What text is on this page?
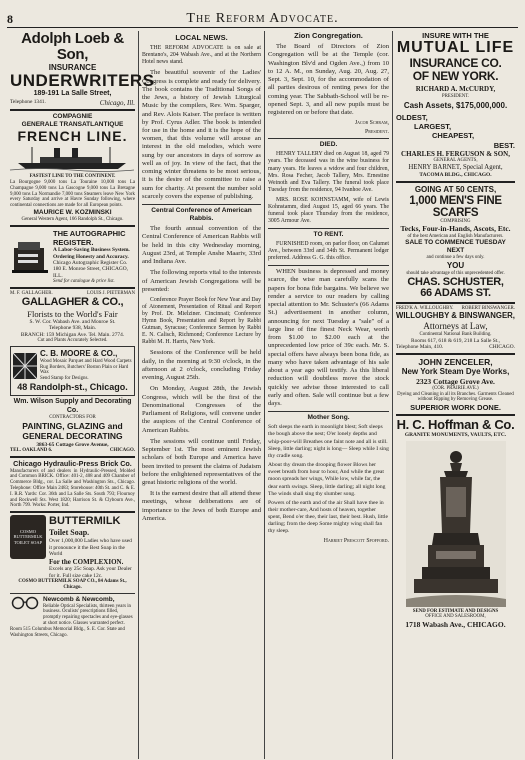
8	The Reform Advocate.
Adolph Loeb & Son,
INSURANCE
UNDERWRITERS
189-191 La Salle Street,
Telephone 1341.	Chicago, Ill.
COMPAGNIE
GENERALE TRANSATLANTIQUE
FRENCH LINE.
FASTEST LINE TO THE CONTINENT.
La Bourgogne 9,000 tons La Touraine 10,000 tons La Champagne 9,000 tons La Gascogne 9,000 tons La Bretagne 9,000 tons La Normandie 7,000 tons Steamers leave New York every Saturday and arrive at Havre Sunday following, where continental connections are made for all European points.
MAURICE W. KOZMINSKI
General Western Agent, 166 Randolph St., Chicago.
THE AUTOGRAPHIC REGISTER.
A Labor-Saving Business System. Ordering Honesty and Accuracy.
Chicago Autographic Register Co. 180 E. Monroe Street, CHICAGO, ILL.
Send for catalogue & price list.
M. F. GALLAGHER.	LOUIS J. PIETERMAN
GALLAGHER & CO.,
Florists to the World's Fair
S. W. Cor. Wabash Ave. and Monroe St.
Telephone 938, Main.
BRANCH: 159 Michigan Ave. Tel. Main. 2774.
Cut and Plants Accurately Selected.
C. B. MOORE & CO.,
Wood Mosaic Parquet and Hard Wood Carpets
Rug Borders, Butchers' Boston Plain or Hard Wax
Send Stamp for Designs.
48 Randolph-st., Chicago.
Wm. Wilson Supply and Decorating Co.
CONTRACTORS FOR
PAINTING, GLAZING and
GENERAL DECORATING
3863-65 Cottage Grove Avenue,
TEL. OAKLAND 6.	CHICAGO.
Chicago Hydraulic-Press Brick Co.
Manufacturers of and dealers in Hydraulic-Pressed, Molded and Common BRICK. Office: 401-2, 408 and 409 Chamber of Commerce Bldg., cor. La Salle and Washington Sts., Chicago. Telephone: Office Main 2483; Storehouse: 40th St. and C. & E. I. R.R. Yards: Cor. 36th and La Salle Sts. South 793; Flournoy and Rockwell Sts. West 1820; Harrison St. & Clybourn Ave., North 799. Works: Porter, Ind.
COSMO BUTTERMILK TOILET SOAP
BUTTERMILK
Toilet Soap.
Over 1,000,000 Ladies who have used it pronounce it the Best Soap in the World
For the COMPLEXION.
Excels any 25c Soap. Ask your Dealer for it. Full size cake 12c.
COSMO BUTTERMILK SOAP CO., 84 Adams St., Chicago.
Newcomb & Newcomb,
Reliable Optical Specialists, thirteen years in business. Oculists' prescriptions filled, promptly repairing spectacles and eye-glasses at short notice. Glasses warranted perfect.
Room 515 Columbus Memorial Bldg., S. E. Cor. State and Washington Streets, Chicago.
LOCAL NEWS.

THE REFORM ADVOCATE is on sale at Brentano's, 204 Wabash Ave., and at the Northern Hotel news stand.

The beautiful souvenir of the Ladies' Congress is complete and ready for delivery. The book contains the Traditional Songs of the Jews, a history of Jewish Liturgical Music by the compilers, Rev. Wm. Sparger, and Rev. Alois Kaiser. The preface is written by Prof. Cyrus Adler. The book is intended for use in the home and it is the hope of the women, that this volume will arouse an interest in the old melodies, which were sung by our ancestors in days of sorrow as well as of joy. In view of the fact, that the coming winter threatens to be most serious, it is the desire of the committee to raise a sum for charity. At present the number sold scarcely covers the expense of publishing.

Central Conference of American Rabbis.

The fourth annual convention of the Central Conference of American Rabbis will be held in this city Wednesday morning, August 23rd, at Temple Anshe Maariv, 33rd and Indiana Ave.

The following reports vital to the interests of American Jewish Congregations will be presented:

Conference Prayer Book for New Year and Day of Atonement, Presentation of Ritual and Report by Prof. Dr. Mielziner. Cincinnati; Conference Hymn Book, Presentation and Report by Rabbi Gutman, Syracuse; Conference Sermon by Rabbi E. N. Calisch, Richmond; Conference Lecture by Rabbi M. H. Harris, New York.

Sessions of the Conference will be held daily, in the morning at 9:30 o'clock, in the afternoon at 2 o'clock, concluding Friday evening, August 25th.

On Monday, August 28th, the Jewish Congress, which will be the first of the Denominational Congresses of the Parliament of Religions, will convene under the auspices of the Central Conference of American Rabbis.

The sessions will continue until Friday, September 1st. The most eminent Jewish scholars of both Europe and America have been invited to present the claims of Judaism before the enlightened representatives of the great historic religions of the world.

It is the earnest desire that all attend these meetings, whose deliberations are of importance to the Jews of both Europe and America.

Zion Congregation.

The Board of Directors of Zion Congregation will be at the Temple (cor. Washington Blv'd and Ogden Ave.,) from 10 to 12 A. M., on Sunday, Aug. 20, Aug. 27, Sept. 3, Sept. 10, for the accommodation of all parties desirous of renting pews for the coming year. The Sabbath-School will be re-opened Sept. 3, and all new pupils must be registered on or before that date.

Jacob Schram,
President.
DIED.

HENRY TALLERY died on August 18, aged 79 years. The deceased was in the wine business for many years. He leaves a widow and four children, Mrs. Rosa Fecher, Jacob Tallery, Mrs. Ernestine Weinoth and Eva Tallery. The funeral took place Tuesday from the residence, 94 Ivanhoe Ave.

MRS. ROSE KOHNSTAMM, wife of Lewis Kohnstamm, died August 15, aged 66 years. The funeral took place Thursday from the residence, 3005 Armour Ave.

TO RENT.

FURNISHED room, on parlor floor, on Calumet Ave., between 33rd and 34th St. Permanent lodger preferred. Address G. G. this office.

WHEN business is depressed and money scarce, the wise man carefully scans the papers for bona fide bargains. We believe we render a service to our readers by calling special attention to Mr. Schuster's (66 Adams St.) advertisement in another column, announcing for next Tuesday a "sale" of a large line of fine finest Neck Wear, worth from $1.00 to $2.00 each at the unprecedented low price of 39c each. Mr. S. special offers have always been bona fide, as many who have taken advantage of his sale about a year ago will testify. As this liberal reduction will doubtless move the stock quickly we advise those interested to call early and often. Sale will continue but a few days.

Mother Song.
Soft sleeps the earth in moonlight blest; Soft sleeps the bough above the nest; O'er lonely depths and whip-poor-will Breathes one faint note and all is still. Sleep, little darling; night is long— Sleep while I sing thy cradle song.
About thy dream the drooping flower Blows her sweet breath from hour to hour, And while the great moon spreads her wings, While low, while far, the dear earth swings. Sleep, little darling; all night long The winds shall sing thy slumber song.
Powers of the earth and of the air Shall have thee in their mother-care, And hosts of heaven, together spent, Bend o'er thee, their last, their best. Hush, little darling; from the deep Some mighty wing shall fan thy sleep.
Harriet Prescott Spofford.
INSURE WITH THE
MUTUAL LIFE
INSURANCE CO.
OF NEW YORK.
RICHARD A. McCURDY,
PRESIDENT.
Cash Assets, $175,000,000.
OLDEST,
LARGEST,
CHEAPEST,
BEST.
CHARLES H. FERGUSON & SON,
GENERAL AGENTS,
HENRY BARNET, Special Agent,
TACOMA BLDG., CHICAGO.
GOING AT 50 CENTS,
1,000 MEN'S FINE SCARFS
COMPRISING
Tecks, Four-in-Hands, Ascots, Etc.
of the best American and English Manufacturers.
SALE TO COMMENCE TUESDAY NEXT
and continue a few days only.
YOU
should take advantage of this unprecedented offer.
CHAS. SCHUSTER,
66 ADAMS ST.
FRED'K A. WILLOUGHBY. ROBERT BINSWANGER.
WILLOUGHBY & BINSWANGER,
Attorneys at Law,
Continental National Bank Building.
Rooms 617, 618 & 619, 218 La Salle St.,
Telephone Main, 410.	CHICAGO.
JOHN ZENCELER,
New York Steam Dye Works,
2323 Cottage Grove Ave.
(COR. PRAIRIE AVE.)
Dyeing and Cleaning in all its Branches. Garments Cleaned without Ripping by Removing Grease.
SUPERIOR WORK DONE.
H. C. Hoffman & Co.
GRANITE MONUMENTS, VAULTS, ETC.
SEND FOR ESTIMATE AND DESIGNS
OFFICE AND SALESROOM,
1718 Wabash Ave., CHICAGO.
